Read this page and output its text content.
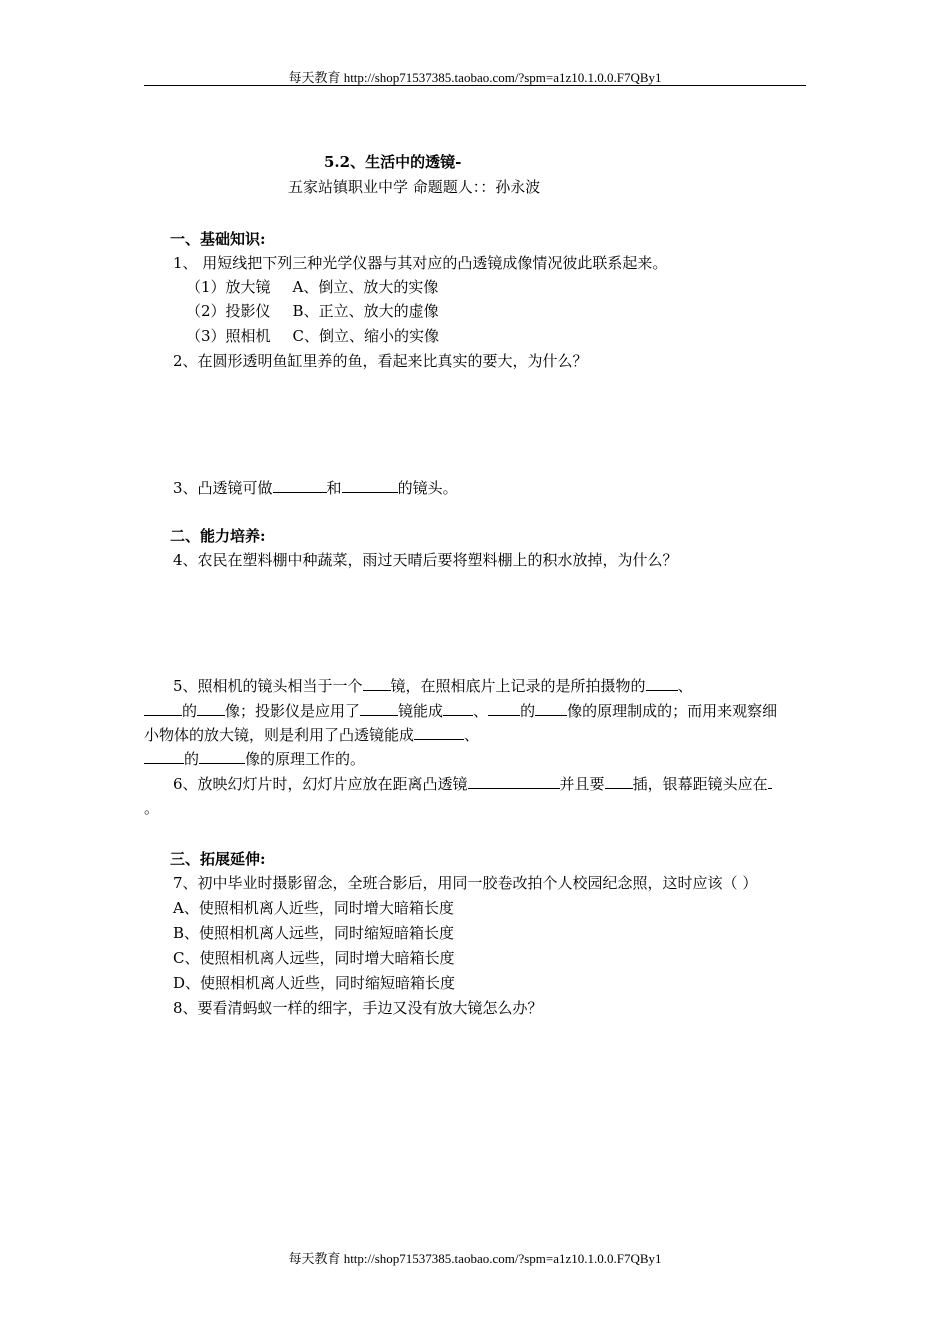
每天教育 http://shop71537385.taobao.com/?spm=a1z10.1.0.0.F7QBy1
5.2、生活中的透镜-
五家站镇职业中学 命题题人：：孙永波
一、基础知识:
1、 用短线把下列三种光学仪器与其对应的凸透镜成像情况彼此联系起来。
（1）放大镜 A、倒立、放大的实像
（2）投影仪 B、正立、放大的虚像
（3）照相机 C、倒立、缩小的实像
2、在圆形透明鱼缸里养的鱼，看起来比真实的要大，为什么？
3、凸透镜可做	和	的镜头。
二、能力培养:
4、农民在塑料棚中种蔬菜，雨过天晴后要将塑料棚上的积水放掉，为什么？
5、照相机的镜头相当于一个 镜，在照相底片上记录的是所拍摄物的 、
的 像；投影仪是应用了	镜能成 、 的 像的原理制成的；而用来观察细
小物体的放大镜，则是利用了凸透镜能成	、
的	像的原理工作的。
6、放映幻灯片时，幻灯片应放在距离凸透镜	并且要 插，银幕距镜头应在
。
三、拓展延伸:
7、初中毕业时摄影留念，全班合影后，用同一胶卷改拍个人校园纪念照，这时应该（ ）
A、使照相机离人近些，同时增大暗箱长度
B、使照相机离人远些，同时缩短暗箱长度
C、使照相机离人远些，同时增大暗箱长度
D、使照相机离人近些，同时缩短暗箱长度
8、要看清蚂蚁一样的细字，手边又没有放大镜怎么办？
每天教育 http://shop71537385.taobao.com/?spm=a1z10.1.0.0.F7QBy1
